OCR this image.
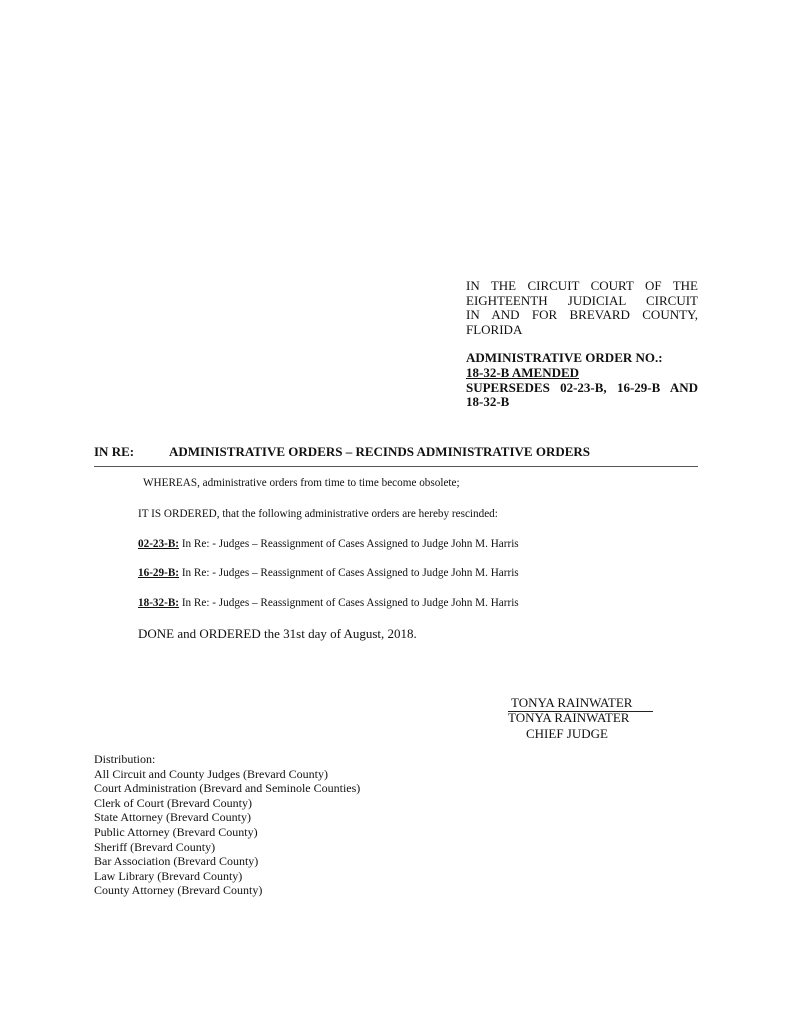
IN THE CIRCUIT COURT OF THE
EIGHTEENTH JUDICIAL CIRCUIT
IN AND FOR BREVARD COUNTY,
FLORIDA
ADMINISTRATIVE ORDER NO.:
18-32-B AMENDED
SUPERSEDES 02-23-B, 16-29-B AND
18-32-B
IN RE:	ADMINISTRATIVE ORDERS – RECINDS ADMINISTRATIVE ORDERS
WHEREAS, administrative orders from time to time become obsolete;
IT IS ORDERED, that the following administrative orders are hereby rescinded:
02-23-B: In Re: - Judges – Reassignment of Cases Assigned to Judge John M. Harris
16-29-B: In Re: - Judges – Reassignment of Cases Assigned to Judge John M. Harris
18-32-B: In Re: - Judges – Reassignment of Cases Assigned to Judge John M. Harris
DONE and ORDERED the 31st day of August, 2018.
TONYA RAINWATER
TONYA RAINWATER
CHIEF JUDGE
Distribution:
All Circuit and County Judges (Brevard County)
Court Administration (Brevard and Seminole Counties)
Clerk of Court (Brevard County)
State Attorney (Brevard County)
Public Attorney (Brevard County)
Sheriff (Brevard County)
Bar Association (Brevard County)
Law Library (Brevard County)
County Attorney (Brevard County)
